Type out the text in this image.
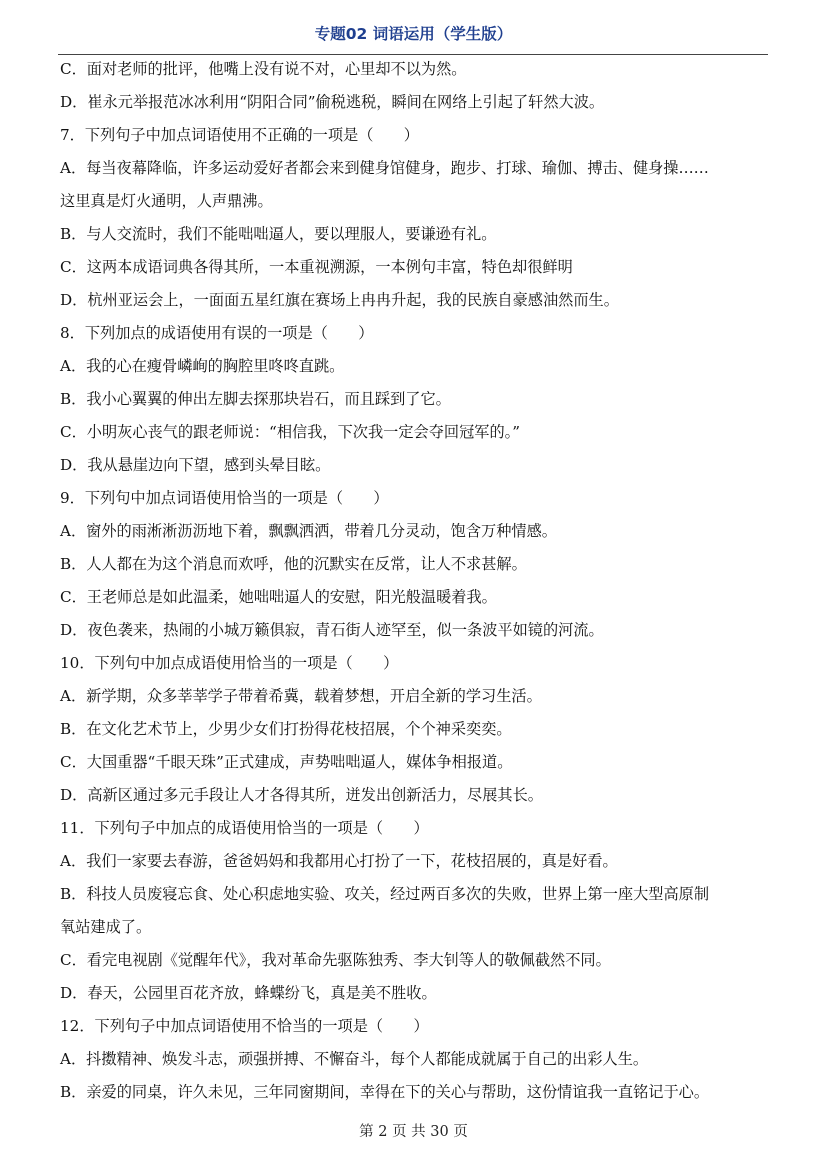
专题02 词语运用（学生版）

C．面对老师的批评，他嘴上没有说不对，心里却不以为然。

D．崔永元举报范冰冰利用“阴阳合同”偷税逃税，瞬间在网络上引起了轩然大波。

7．下列句子中加点词语使用不正确的一项是（　　）

A．每当夜幕降临，许多运动爱好者都会来到健身馆健身，跑步、打球、瑜伽、搏击、健身操……

这里真是灯火通明，人声鼎沸。

B．与人交流时，我们不能咄咄逼人，要以理服人，要谦逊有礼。

C．这两本成语词典各得其所，一本重视溯源，一本例句丰富，特色却很鲜明

D．杭州亚运会上，一面面五星红旗在赛场上冉冉升起，我的民族自豪感油然而生。

8．下列加点的成语使用有误的一项是（　　）

A．我的心在瘦骨嶙峋的胸腔里咚咚直跳。

B．我小心翼翼的伸出左脚去探那块岩石，而且踩到了它。

C．小明灰心丧气的跟老师说：“相信我，下次我一定会夺回冠军的。”

D．我从悬崖边向下望，感到头晕目眩。

9．下列句中加点词语使用恰当的一项是（　　）

A．窗外的雨淅淅沥沥地下着，飘飘洒洒，带着几分灵动，饱含万种情感。

B．人人都在为这个消息而欢呼，他的沉默实在反常，让人不求甚解。

C．王老师总是如此温柔，她咄咄逼人的安慰，阳光般温暖着我。

D．夜色袭来，热闹的小城万籁俱寂，青石街人迹罕至，似一条波平如镜的河流。

10．下列句中加点成语使用恰当的一项是（　　）

A．新学期，众多莘莘学子带着希冀，载着梦想，开启全新的学习生活。

B．在文化艺术节上，少男少女们打扮得花枝招展，个个神采奕奕。

C．大国重器“千眼天珠”正式建成，声势咄咄逼人，媒体争相报道。

D．高新区通过多元手段让人才各得其所，迸发出创新活力，尽展其长。

11．下列句子中加点的成语使用恰当的一项是（　　）

A．我们一家要去春游，爸爸妈妈和我都用心打扮了一下，花枝招展的，真是好看。

B．科技人员废寝忘食、处心积虑地实验、攻关，经过两百多次的失败，世界上第一座大型高原制

氧站建成了。

C．看完电视剧《觉醒年代》，我对革命先驱陈独秀、李大钊等人的敬佩截然不同。

D．春天，公园里百花齐放，蜂蝶纷飞，真是美不胜收。

12．下列句子中加点词语使用不恰当的一项是（　　）

A．抖擞精神、焕发斗志，顽强拼搏、不懈奋斗，每个人都能成就属于自己的出彩人生。

B．亲爱的同桌，许久未见，三年同窗期间，幸得在下的关心与帮助，这份情谊我一直铭记于心。

第 2 页 共 30 页
